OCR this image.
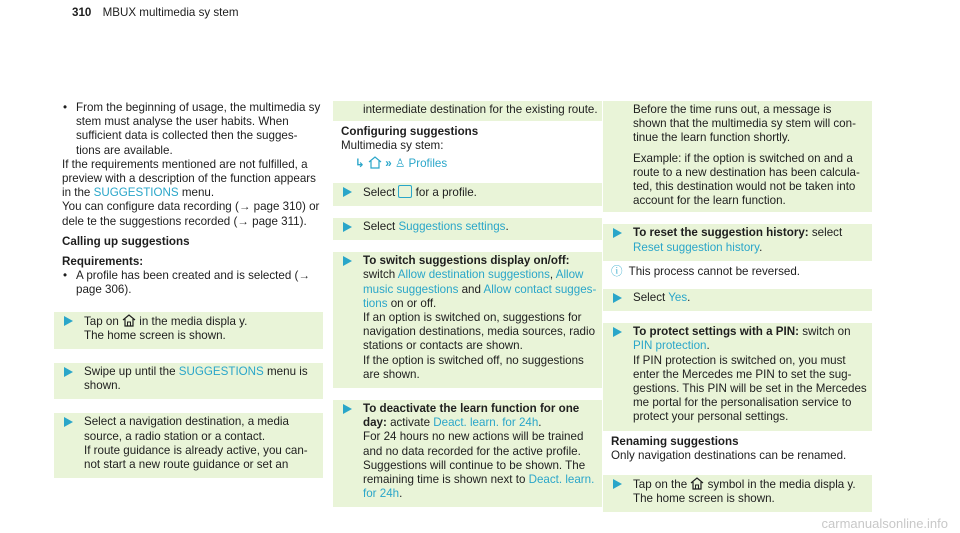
310 MBUX multimedia sy stem
• From the beginning of usage, the multimedia sy stem must analyse the user habits. When sufficient data is collected then the sugges‐ tions are available.
If the requirements mentioned are not fulfilled, a preview with a description of the function appears in the SUGGESTIONS menu.
You can configure data recording (→ page 310) or dele te the suggestions recorded (→ page 311).
Calling up suggestions
Requirements:
• A profile has been created and is selected (→ page 306).
Tap on  in the media displa y.
The home screen is shown.
Swipe up until the SUGGESTIONS menu is shown.
Select a navigation destination, a media source, a radio station or a contact.
If route guidance is already active, you can‐ not start a new route guidance or set an
intermediate destination for the existing route.
Configuring suggestions
Multimedia sy stem:
↳ » ♙ Profiles
Select  for a profile.
Select Suggestions settings.
To switch suggestions display on/off:
switch Allow destination suggestions, Allow music suggestions and Allow contact sugges‐ tions on or off.
If an option is switched on, suggestions for navigation destinations, media sources, radio stations or contacts are shown.
If the option is switched off, no suggestions are shown.
To deactivate the learn function for one day: activate Deact. learn. for 24h.
For 24 hours no new actions will be trained and no data recorded for the active profile. Suggestions will continue to be shown. The remaining time is shown next to Deact. learn. for 24h.
Before the time runs out, a message is shown that the multimedia sy stem will con‐ tinue the learn function shortly.
Example: if the option is switched on and a route to a new destination has been calcula‐ ted, this destination would not be taken into account for the learn function.
To reset the suggestion history: select
Reset suggestion history.
ⓘ This process cannot be reversed.
Select Yes.
To protect settings with a PIN: switch on
PIN protection.
If PIN protection is switched on, you must enter the Mercedes me PIN to set the sug‐ gestions. This PIN will be set in the Mercedes me portal for the personalisation service to protect your personal settings.
Renaming suggestions
Only navigation destinations can be renamed.
Tap on the  symbol in the media displa y.
The home screen is shown.
carmanualsonline.info
